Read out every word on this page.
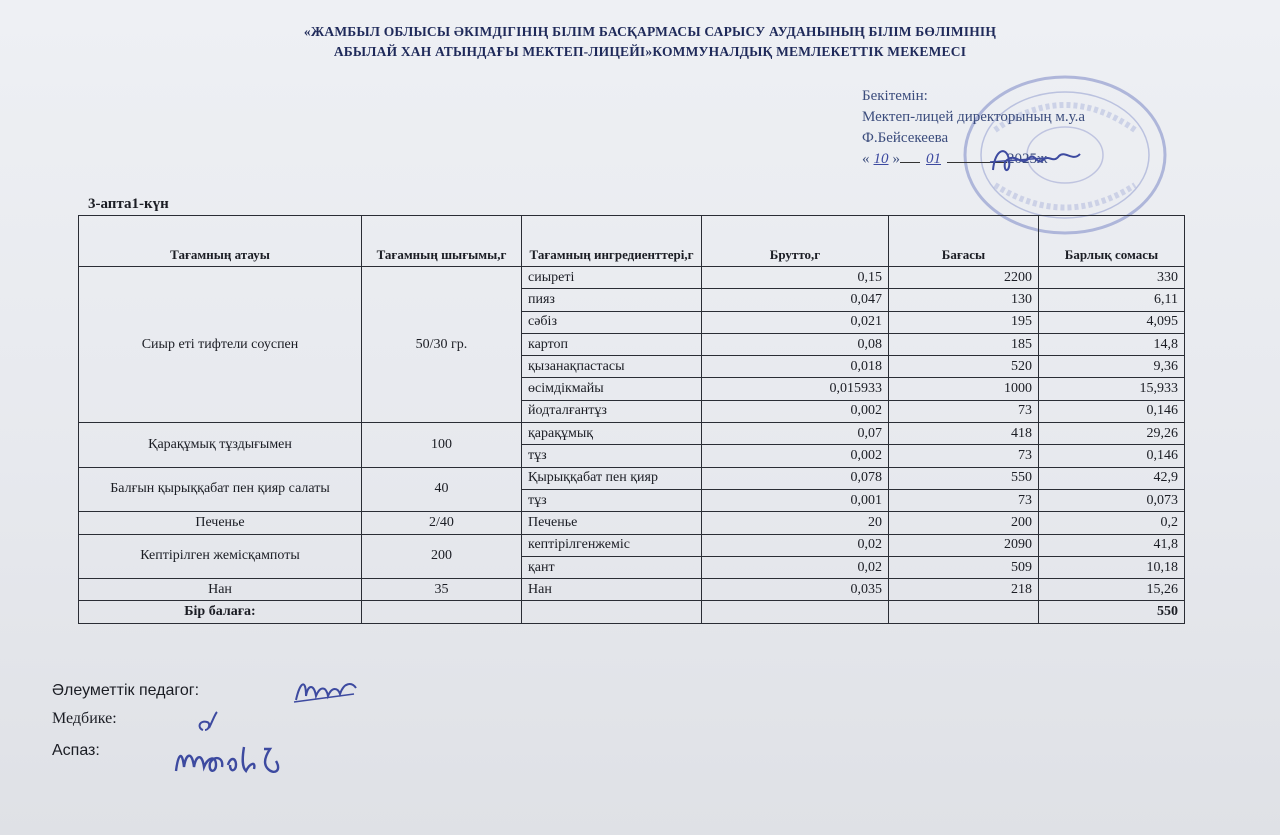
«ЖАМБЫЛ ОБЛЫСЫ ӘКІМДІГІНІҢ БІЛІМ БАСҚАРМАСЫ САРЫСУ АУДАНЫНЫҢ БІЛІМ БӨЛІМІНІҢ
АБЫЛАЙ ХАН АТЫНДАҒЫ МЕКТЕП-ЛИЦЕЙІ»КОММУНАЛДЫҚ МЕМЛЕКЕТТІК МЕКЕМЕСІ
Бекітемін:
Мектеп-лицей директорының м.у.а
Ф.Бейсекеева
« 10 » 01	2025ж
3-апта1-күн
Тағамның атауы	Тағамның шығымы,г	Тағамның ингредиенттері,г	Брутто,г	Бағасы	Барлық сомасы
Сиыр еті тифтели соуспен	50/30 гр.	сиыреті	0,15	2200	330
		пияз	0,047	130	6,11
		сәбіз	0,021	195	4,095
		картоп	0,08	185	14,8
		қызанақпастасы	0,018	520	9,36
		өсімдікмайы	0,015933	1000	15,933
		йодталғантұз	0,002	73	0,146
Қарақұмық тұздығымен	100	қарақұмық	0,07	418	29,26
		тұз	0,002	73	0,146
Балғын қырыққабат пен қияр салаты	40	Қырыққабат пен қияр	0,078	550	42,9
		тұз	0,001	73	0,073
Печенье	2/40	Печенье	20	200	0,2
Кептірілген жемісқампоты	200	кептірілгенжеміс	0,02	2090	41,8
		қант	0,02	509	10,18
Нан	35	Нан	0,035	218	15,26
Бір балаға:					550
Әлеуметтік педагог:
Медбике:
Аспаз:
